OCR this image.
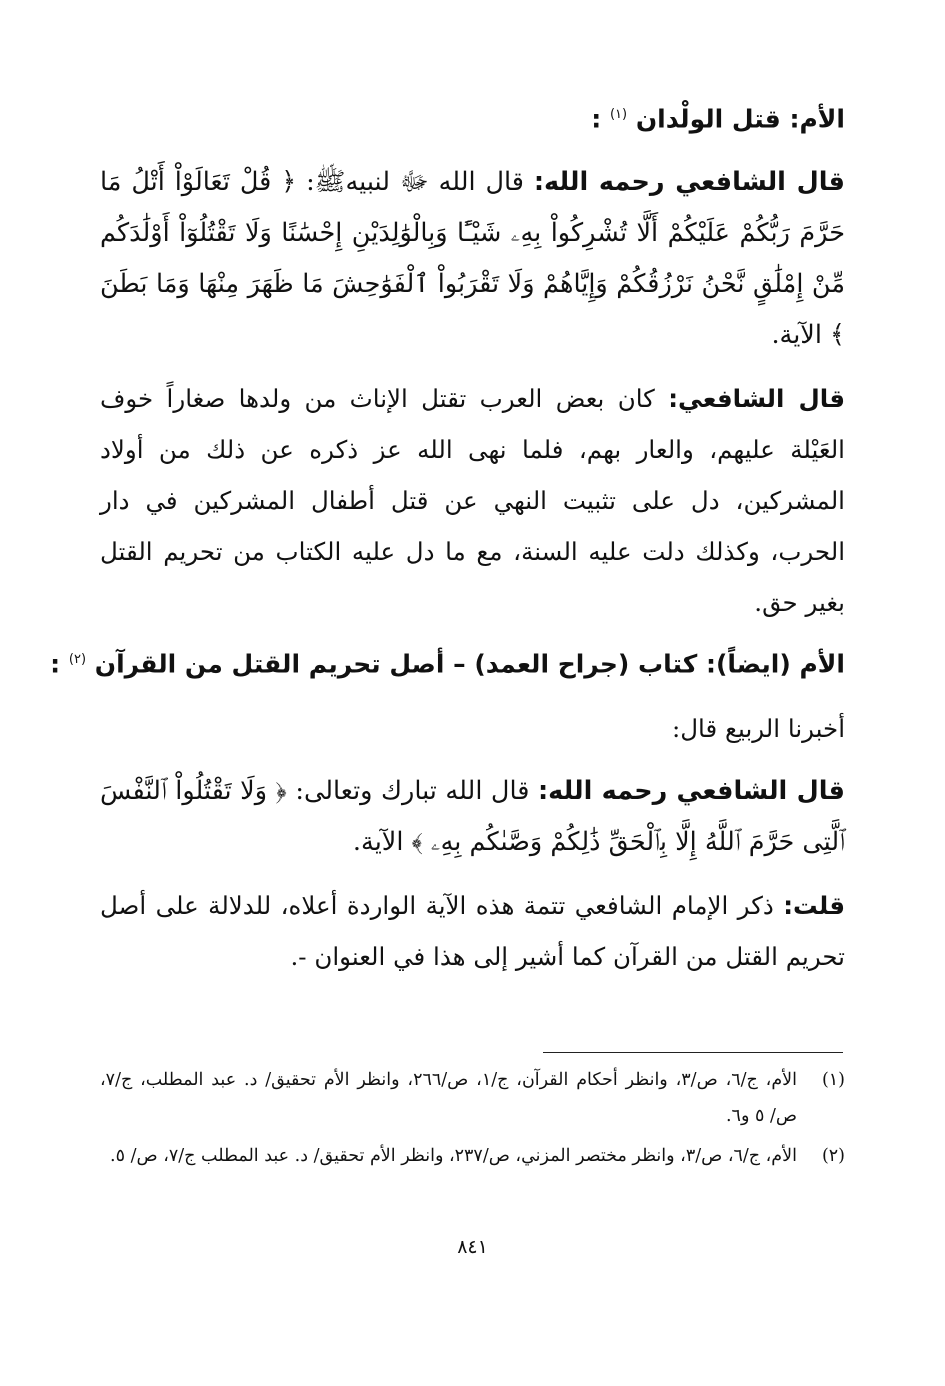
الأم: قتل الولْدان $^{(١)}$ :

قال الشافعي رحمه الله: قال الله ﷻ لنبيهﷺ: ﴿ قُلْ تَعَالَوْاْ أَتْلُ مَا حَرَّمَ رَبُّكُمْ عَلَيْكُمْ أَلَّا تُشْرِكُواْ بِهِۦ شَيْـًٔا وَبِالْوَٰلِدَيْنِ إِحْسَٰنًا وَلَا تَقْتُلُوٓاْ أَوْلَٰدَكُم مِّنْ إِمْلَٰقٍ نَّحْنُ نَرْزُقُكُمْ وَإِيَّاهُمْ وَلَا تَقْرَبُواْ ٱلْفَوَٰحِشَ مَا ظَهَرَ مِنْهَا وَمَا بَطَنَ ﴾ الآية.

قال الشافعي: كان بعض العرب تقتل الإناث من ولدها صغاراً خوف العَيْلة عليهم، والعار بهم، فلما نهى الله عز ذكره عن ذلك من أولاد المشركين، دل على تثبيت النهي عن قتل أطفال المشركين في دار الحرب، وكذلك دلت عليه السنة، مع ما دل عليه الكتاب من تحريم القتل بغير حق.

الأم (ايضاً): كتاب (جراح العمد) – أصل تحريم القتل من القرآن $^{(٢)}$ :

أخبرنا الربيع قال:

قال الشافعي رحمه الله: قال الله تبارك وتعالى: ﴿ وَلَا تَقْتُلُواْ ٱلنَّفْسَ ٱلَّتِى حَرَّمَ ٱللَّهُ إِلَّا بِٱلْحَقِّ ذَٰلِكُمْ وَصَّىٰكُم بِهِۦ ﴾ الآية.

قلت: ذكر الإمام الشافعي تتمة هذه الآية الواردة أعلاه، للدلالة على أصل تحريم القتل من القرآن كما أشير إلى هذا في العنوان -.

(١)
الأم، ج/٦، ص/٣، وانظر أحكام القرآن، ج/١، ص/٢٦٦، وانظر الأم تحقيق/ د. عبد المطلب، ج/٧، ص/ ٥ و٦.
(٢)
الأم، ج/٦، ص/٣، وانظر مختصر المزني، ص/٢٣٧، وانظر الأم تحقيق/ د. عبد المطلب ج/٧، ص/ ٥.
٨٤١
